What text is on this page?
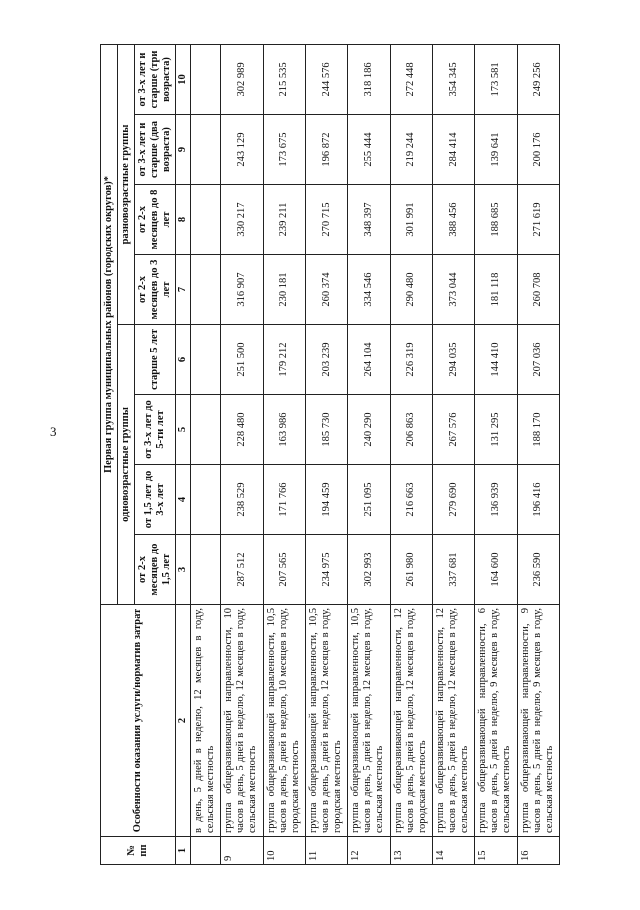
3
№ пп	Особенности оказания услуги/норматив затрат	Первая группа муниципальных районов (городских округов)*							
		одновозрастные группы				разновозрастные группы			
		от 2-х месяцев до 1,5 лет	от 1,5 лет до 3-х лет	от 3-х лет до 5-ти лет	старше 5 лет	от 2-х месяцев до 3 лет	от 2-х месяцев до 8 лет	от 3-х лет и старше (два возраста)	от 3-х лет и старше (три возраста)
1	2	3	4	5	6	7	8	9	10
	в день, 5 дней в неделю, 12 месяцев в году, сельская местность								
9	группа общеразвивающей направленности, 10 часов в день, 5 дней в неделю, 12 месяцев в году, сельская местность	287 512	238 529	228 480	251 500	316 907	330 217	243 129	302 989
10	группа общеразвивающей направленности, 10,5 часов в день, 5 дней в неделю, 10 месяцев в году, городская местность	207 565	171 766	163 986	179 212	230 181	239 211	173 675	215 535
11	группа общеразвивающей направленности, 10,5 часов в день, 5 дней в неделю, 12 месяцев в году, городская местность	234 975	194 459	185 730	203 239	260 374	270 715	196 872	244 576
12	группа общеразвивающей направленности, 10,5 часов в день, 5 дней в неделю, 12 месяцев в году, сельская местность	302 993	251 095	240 290	264 104	334 546	348 397	255 444	318 186
13	группа общеразвивающей направленности, 12 часов в день, 5 дней в неделю, 12 месяцев в году, городская местность	261 980	216 663	206 863	226 319	290 480	301 991	219 244	272 448
14	группа общеразвивающей направленности, 12 часов в день, 5 дней в неделю, 12 месяцев в году, сельская местность	337 681	279 690	267 576	294 035	373 044	388 456	284 414	354 345
15	группа общеразвивающей направленности, 6 часов в день, 5 дней в неделю, 9 месяцев в году, сельская местность	164 600	136 939	131 295	144 410	181 118	188 685	139 641	173 581
16	группа общеразвивающей направленности, 9 часов в день, 5 дней в неделю, 9 месяцев в году, сельская местность	236 590	196 416	188 170	207 036	260 708	271 619	200 176	249 256
